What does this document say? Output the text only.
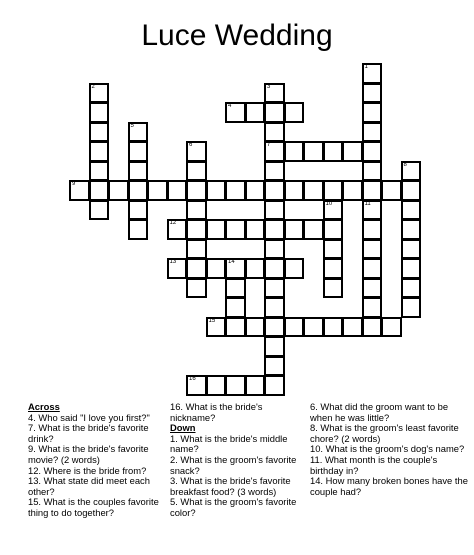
Luce Wedding
1
11
2	3
7
5
6
8
10
14
4
9
12
13
15
16
Across
4. Who said "I love you first?"
7. What is the bride's favorite drink?
9. What is the bride's favorite movie? (2 words)
12. Where is the bride from?
13. What state did meet each other?
15. What is the couples favorite thing to do together?
16. What is the bride's nickname?
Down
1. What is the bride's middle name?
2. What is the groom's favorite snack?
3. What is the bride's favorite breakfast food? (3 words)
5. What is the groom's favorite color?
6. What did the groom want to be when he was little?
8. What is the groom's least favorite chore? (2 words)
10. What is the groom's dog's name?
11. What month is the couple's birthday in?
14. How many broken bones have the couple had?
